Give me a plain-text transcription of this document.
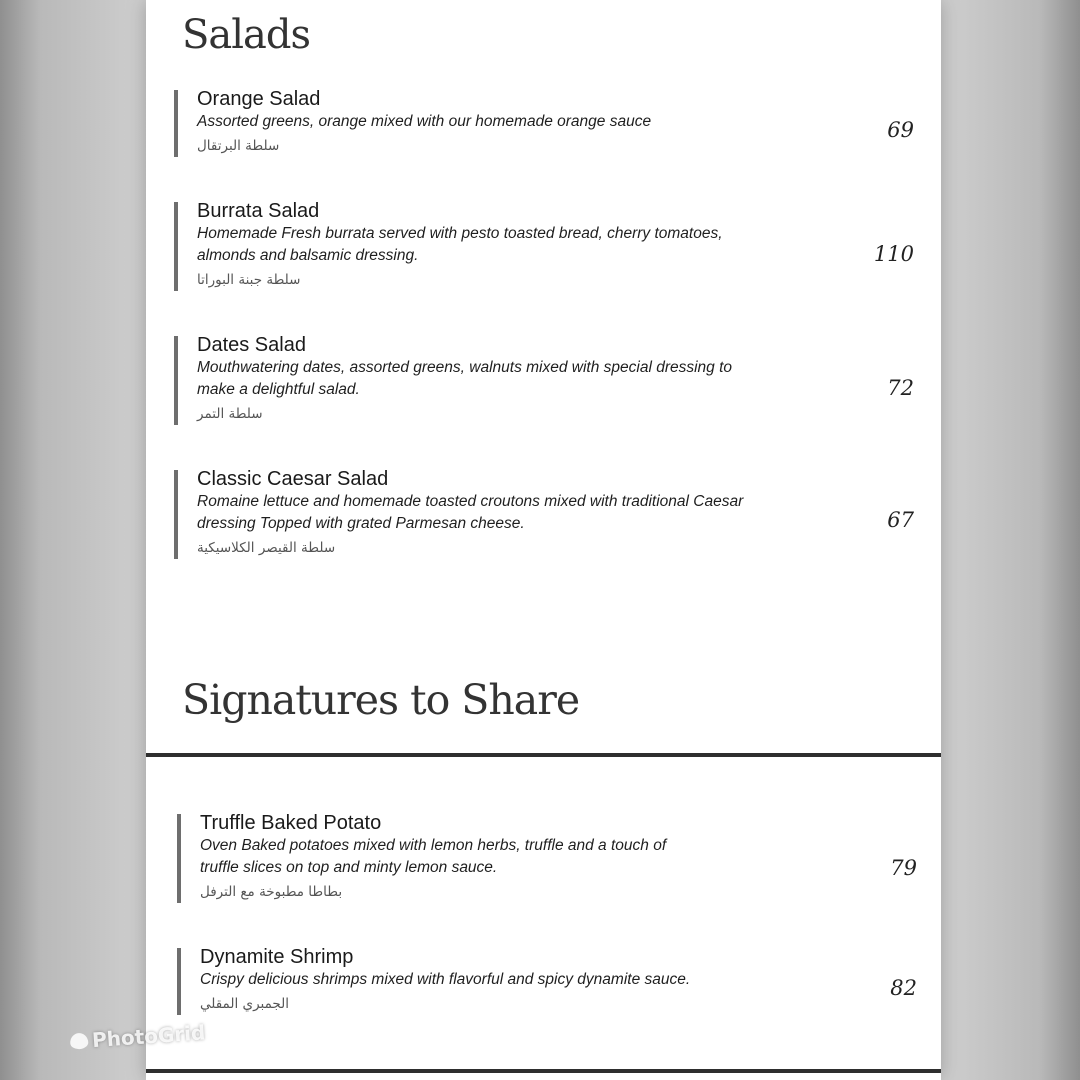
Salads
Orange Salad
Assorted greens, orange mixed with our homemade orange sauce
سلطة البرتقال
69
Burrata Salad
Homemade Fresh burrata served with pesto toasted bread, cherry tomatoes, almonds and balsamic dressing.
سلطة جبنة البوراتا
110
Dates Salad
Mouthwatering dates, assorted greens, walnuts mixed with special dressing to make a delightful salad.
سلطة التمر
72
Classic Caesar Salad
Romaine lettuce and homemade toasted croutons mixed with traditional Caesar dressing Topped with grated Parmesan cheese.
سلطة القيصر الكلاسيكية
67
Signatures to Share
Truffle Baked Potato
Oven Baked potatoes mixed with lemon herbs, truffle and a touch of truffle slices on top and minty lemon sauce.
بطاطا مطبوخة مع الترفل
79
Dynamite Shrimp
Crispy delicious shrimps mixed with flavorful and spicy dynamite sauce.
الجمبري المقلي
82
PhotoGrid
